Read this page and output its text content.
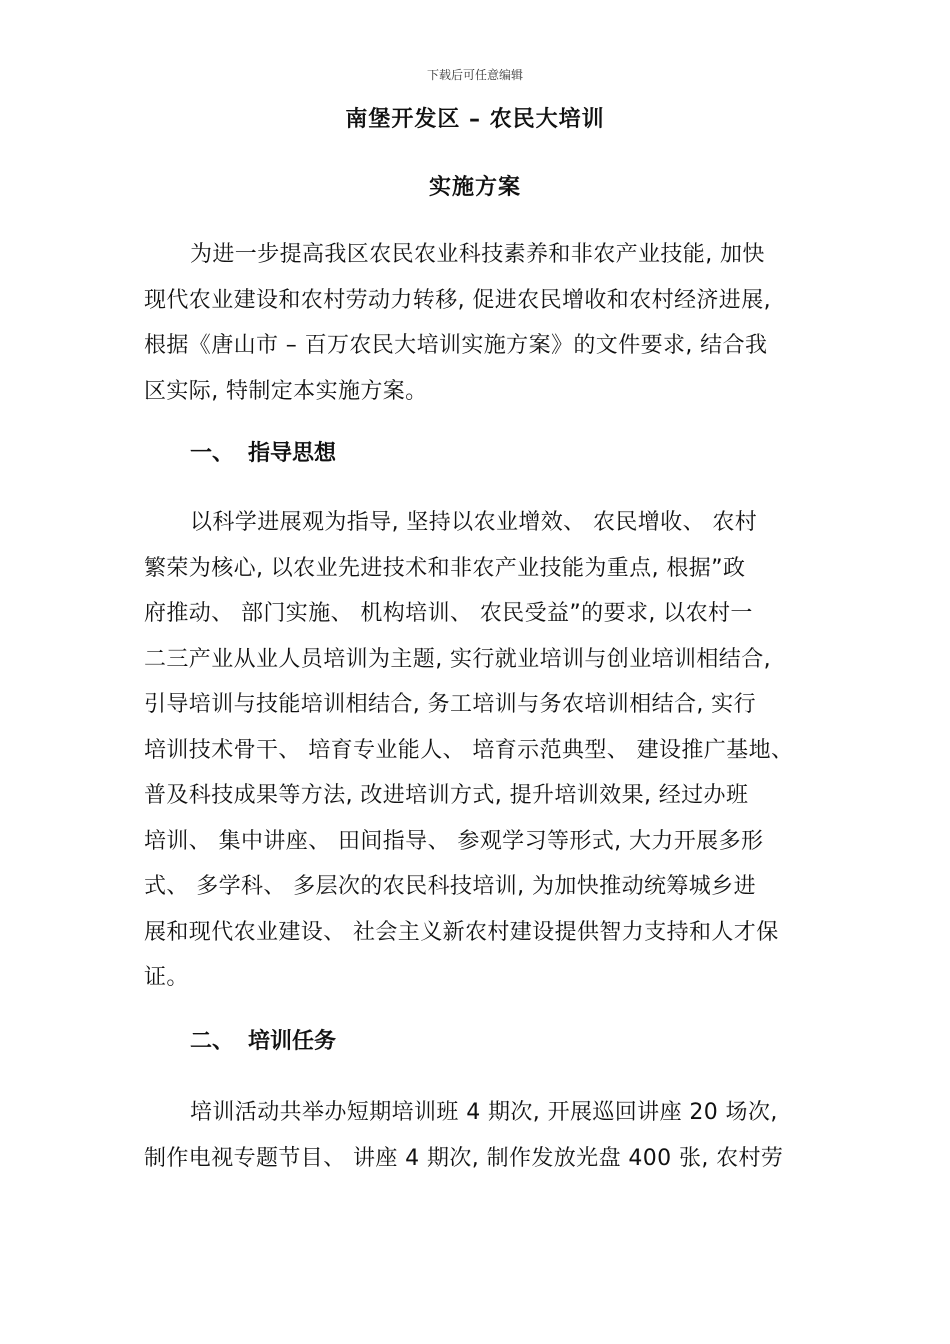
下载后可任意编辑
南堡开发区 – 农民大培训
实施方案
为进一步提高我区农民农业科技素养和非农产业技能, 加快
现代农业建设和农村劳动力转移, 促进农民增收和农村经济进展,
根据《唐山市 – 百万农民大培训实施方案》的文件要求, 结合我
区实际, 特制定本实施方案。
一、 指导思想
以科学进展观为指导, 坚持以农业增效、 农民增收、 农村
繁荣为核心, 以农业先进技术和非农产业技能为重点, 根据”政
府推动、 部门实施、 机构培训、 农民受益”的要求, 以农村一
二三产业从业人员培训为主题, 实行就业培训与创业培训相结合,
引导培训与技能培训相结合, 务工培训与务农培训相结合, 实行
培训技术骨干、 培育专业能人、 培育示范典型、 建设推广基地、
普及科技成果等方法, 改进培训方式, 提升培训效果, 经过办班
培训、 集中讲座、 田间指导、 参观学习等形式, 大力开展多形
式、 多学科、 多层次的农民科技培训, 为加快推动统筹城乡进
展和现代农业建设、 社会主义新农村建设提供智力支持和人才保
证。
二、 培训任务
培训活动共举办短期培训班 4 期次, 开展巡回讲座 20 场次,
制作电视专题节目、 讲座 4 期次, 制作发放光盘 400 张, 农村劳
